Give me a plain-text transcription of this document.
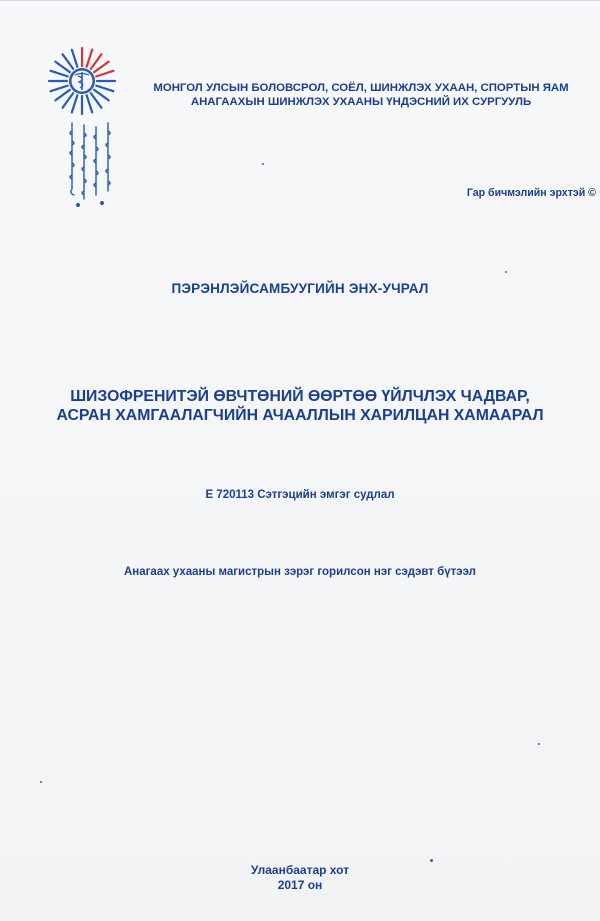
МОНГОЛ УЛСЫН БОЛОВСРОЛ, СОЁЛ, ШИНЖЛЭХ УХААН, СПОРТЫН ЯАМ
АНАГААХЫН ШИНЖЛЭХ УХААНЫ ҮНДЭСНИЙ ИХ СУРГУУЛЬ
Гар бичмэлийн эрхтэй ©
ПЭРЭНЛЭЙСАМБУУГИЙН ЭНХ-УЧРАЛ
ШИЗОФРЕНИТЭЙ ӨВЧТӨНИЙ ӨӨРТӨӨ ҮЙЛЧЛЭХ ЧАДВАР,
АСРАН ХАМГААЛАГЧИЙН АЧААЛЛЫН ХАРИЛЦАН ХАМААРАЛ
E 720113 Сэтгэцийн эмгэг судлал
Анагаах ухааны магистрын зэрэг горилсон нэг сэдэвт бүтээл
Улаанбаатар хот
2017 он
